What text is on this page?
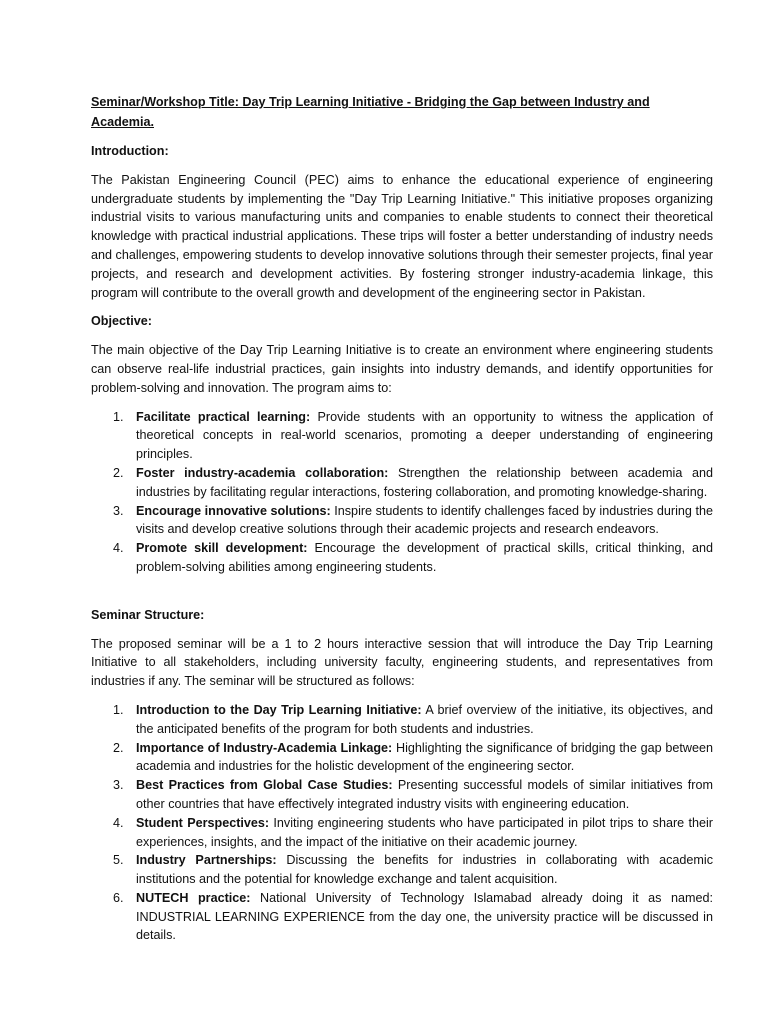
Seminar/Workshop Title: Day Trip Learning Initiative - Bridging the Gap between Industry and Academia.

Introduction:

The Pakistan Engineering Council (PEC) aims to enhance the educational experience of engineering undergraduate students by implementing the "Day Trip Learning Initiative." This initiative proposes organizing industrial visits to various manufacturing units and companies to enable students to connect their theoretical knowledge with practical industrial applications. These trips will foster a better understanding of industry needs and challenges, empowering students to develop innovative solutions through their semester projects, final year projects, and research and development activities. By fostering stronger industry-academia linkage, this program will contribute to the overall growth and development of the engineering sector in Pakistan.

Objective:

The main objective of the Day Trip Learning Initiative is to create an environment where engineering students can observe real-life industrial practices, gain insights into industry demands, and identify opportunities for problem-solving and innovation. The program aims to:

1. Facilitate practical learning: Provide students with an opportunity to witness the application of theoretical concepts in real-world scenarios, promoting a deeper understanding of engineering principles.
2. Foster industry-academia collaboration: Strengthen the relationship between academia and industries by facilitating regular interactions, fostering collaboration, and promoting knowledge-sharing.
3. Encourage innovative solutions: Inspire students to identify challenges faced by industries during the visits and develop creative solutions through their academic projects and research endeavors.
4. Promote skill development: Encourage the development of practical skills, critical thinking, and problem-solving abilities among engineering students.

Seminar Structure:

The proposed seminar will be a 1 to 2 hours interactive session that will introduce the Day Trip Learning Initiative to all stakeholders, including university faculty, engineering students, and representatives from industries if any. The seminar will be structured as follows:

1. Introduction to the Day Trip Learning Initiative: A brief overview of the initiative, its objectives, and the anticipated benefits of the program for both students and industries.
2. Importance of Industry-Academia Linkage: Highlighting the significance of bridging the gap between academia and industries for the holistic development of the engineering sector.
3. Best Practices from Global Case Studies: Presenting successful models of similar initiatives from other countries that have effectively integrated industry visits with engineering education.
4. Student Perspectives: Inviting engineering students who have participated in pilot trips to share their experiences, insights, and the impact of the initiative on their academic journey.
5. Industry Partnerships: Discussing the benefits for industries in collaborating with academic institutions and the potential for knowledge exchange and talent acquisition.
6. NUTECH practice: National University of Technology Islamabad already doing it as named: INDUSTRIAL LEARNING EXPERIENCE from the day one, the university practice will be discussed in details.
